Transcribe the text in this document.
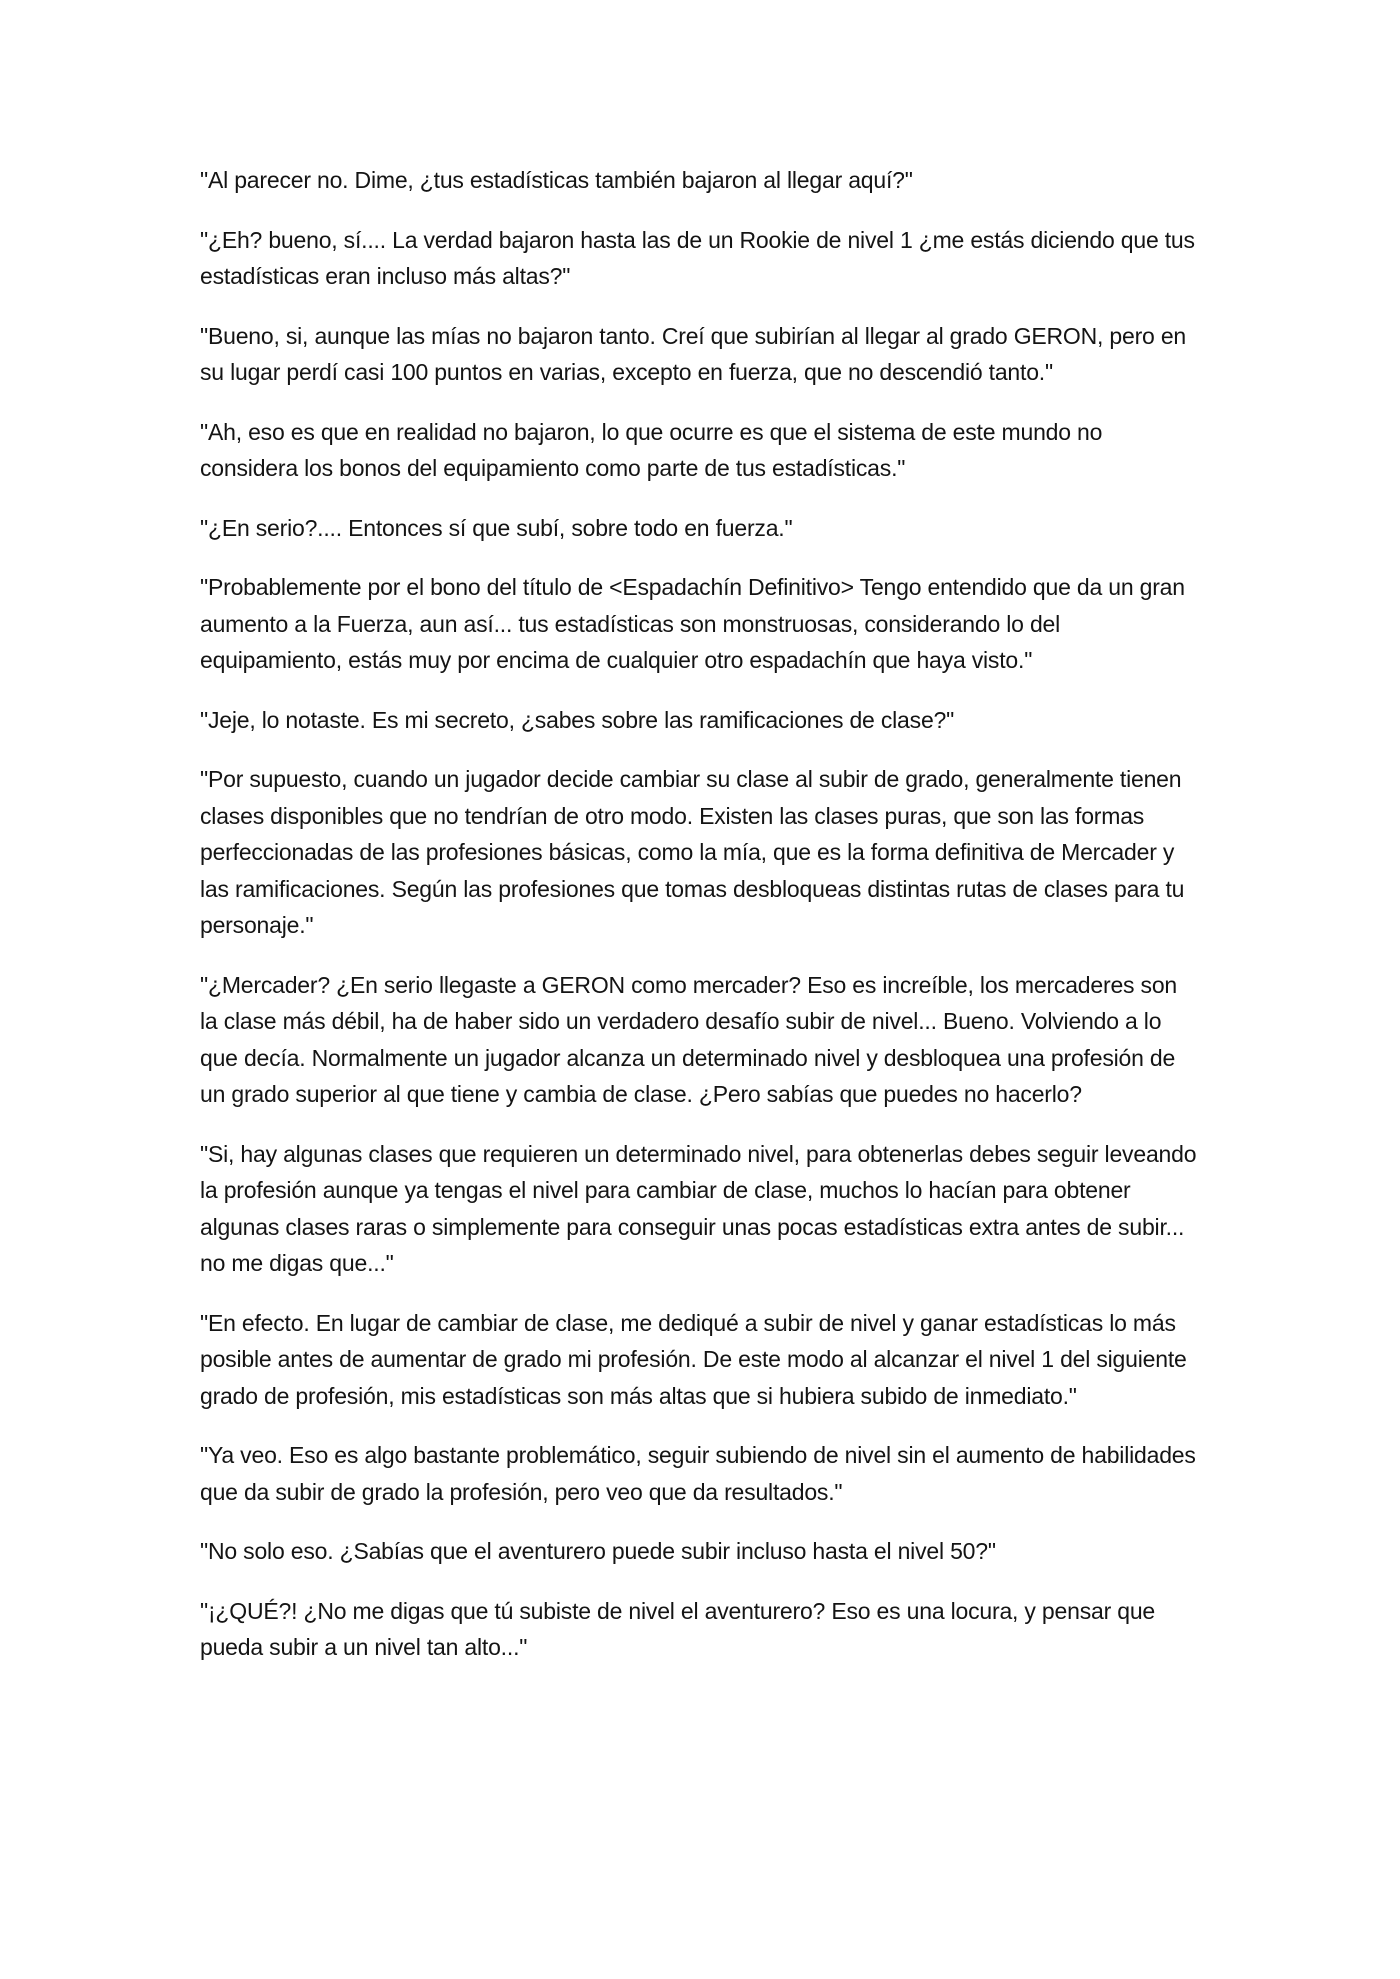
"Al parecer no. Dime, ¿tus estadísticas también bajaron al llegar aquí?"

"¿Eh? bueno, sí.... La verdad bajaron hasta las de un Rookie de nivel 1 ¿me estás diciendo que tus estadísticas eran incluso más altas?"

"Bueno, si, aunque las mías no bajaron tanto. Creí que subirían al llegar al grado GERON, pero en su lugar perdí casi 100 puntos en varias, excepto en fuerza, que no descendió tanto."

"Ah, eso es que en realidad no bajaron, lo que ocurre es que el sistema de este mundo no considera los bonos del equipamiento como parte de tus estadísticas."

"¿En serio?.... Entonces sí que subí, sobre todo en fuerza."

"Probablemente por el bono del título de <Espadachín Definitivo> Tengo entendido que da un gran aumento a la Fuerza, aun así... tus estadísticas son monstruosas, considerando lo del equipamiento, estás muy por encima de cualquier otro espadachín que haya visto."

"Jeje, lo notaste. Es mi secreto, ¿sabes sobre las ramificaciones de clase?"

"Por supuesto, cuando un jugador decide cambiar su clase al subir de grado, generalmente tienen clases disponibles que no tendrían de otro modo. Existen las clases puras, que son las formas perfeccionadas de las profesiones básicas, como la mía, que es la forma definitiva de Mercader y las ramificaciones. Según las profesiones que tomas desbloqueas distintas rutas de clases para tu personaje."

"¿Mercader? ¿En serio llegaste a GERON como mercader? Eso es increíble, los mercaderes son la clase más débil, ha de haber sido un verdadero desafío subir de nivel... Bueno. Volviendo a lo que decía. Normalmente un jugador alcanza un determinado nivel y desbloquea una profesión de un grado superior al que tiene y cambia de clase. ¿Pero sabías que puedes no hacerlo?

"Si, hay algunas clases que requieren un determinado nivel, para obtenerlas debes seguir leveando la profesión aunque ya tengas el nivel para cambiar de clase, muchos lo hacían para obtener algunas clases raras o simplemente para conseguir unas pocas estadísticas extra antes de subir... no me digas que..."

"En efecto. En lugar de cambiar de clase, me dediqué a subir de nivel y ganar estadísticas lo más posible antes de aumentar de grado mi profesión. De este modo al alcanzar el nivel 1 del siguiente grado de profesión, mis estadísticas son más altas que si hubiera subido de inmediato."

"Ya veo. Eso es algo bastante problemático, seguir subiendo de nivel sin el aumento de habilidades que da subir de grado la profesión, pero veo que da resultados."

"No solo eso. ¿Sabías que el aventurero puede subir incluso hasta el nivel 50?"

"¡¿QUÉ?! ¿No me digas que tú subiste de nivel el aventurero? Eso es una locura, y pensar que pueda subir a un nivel tan alto..."
